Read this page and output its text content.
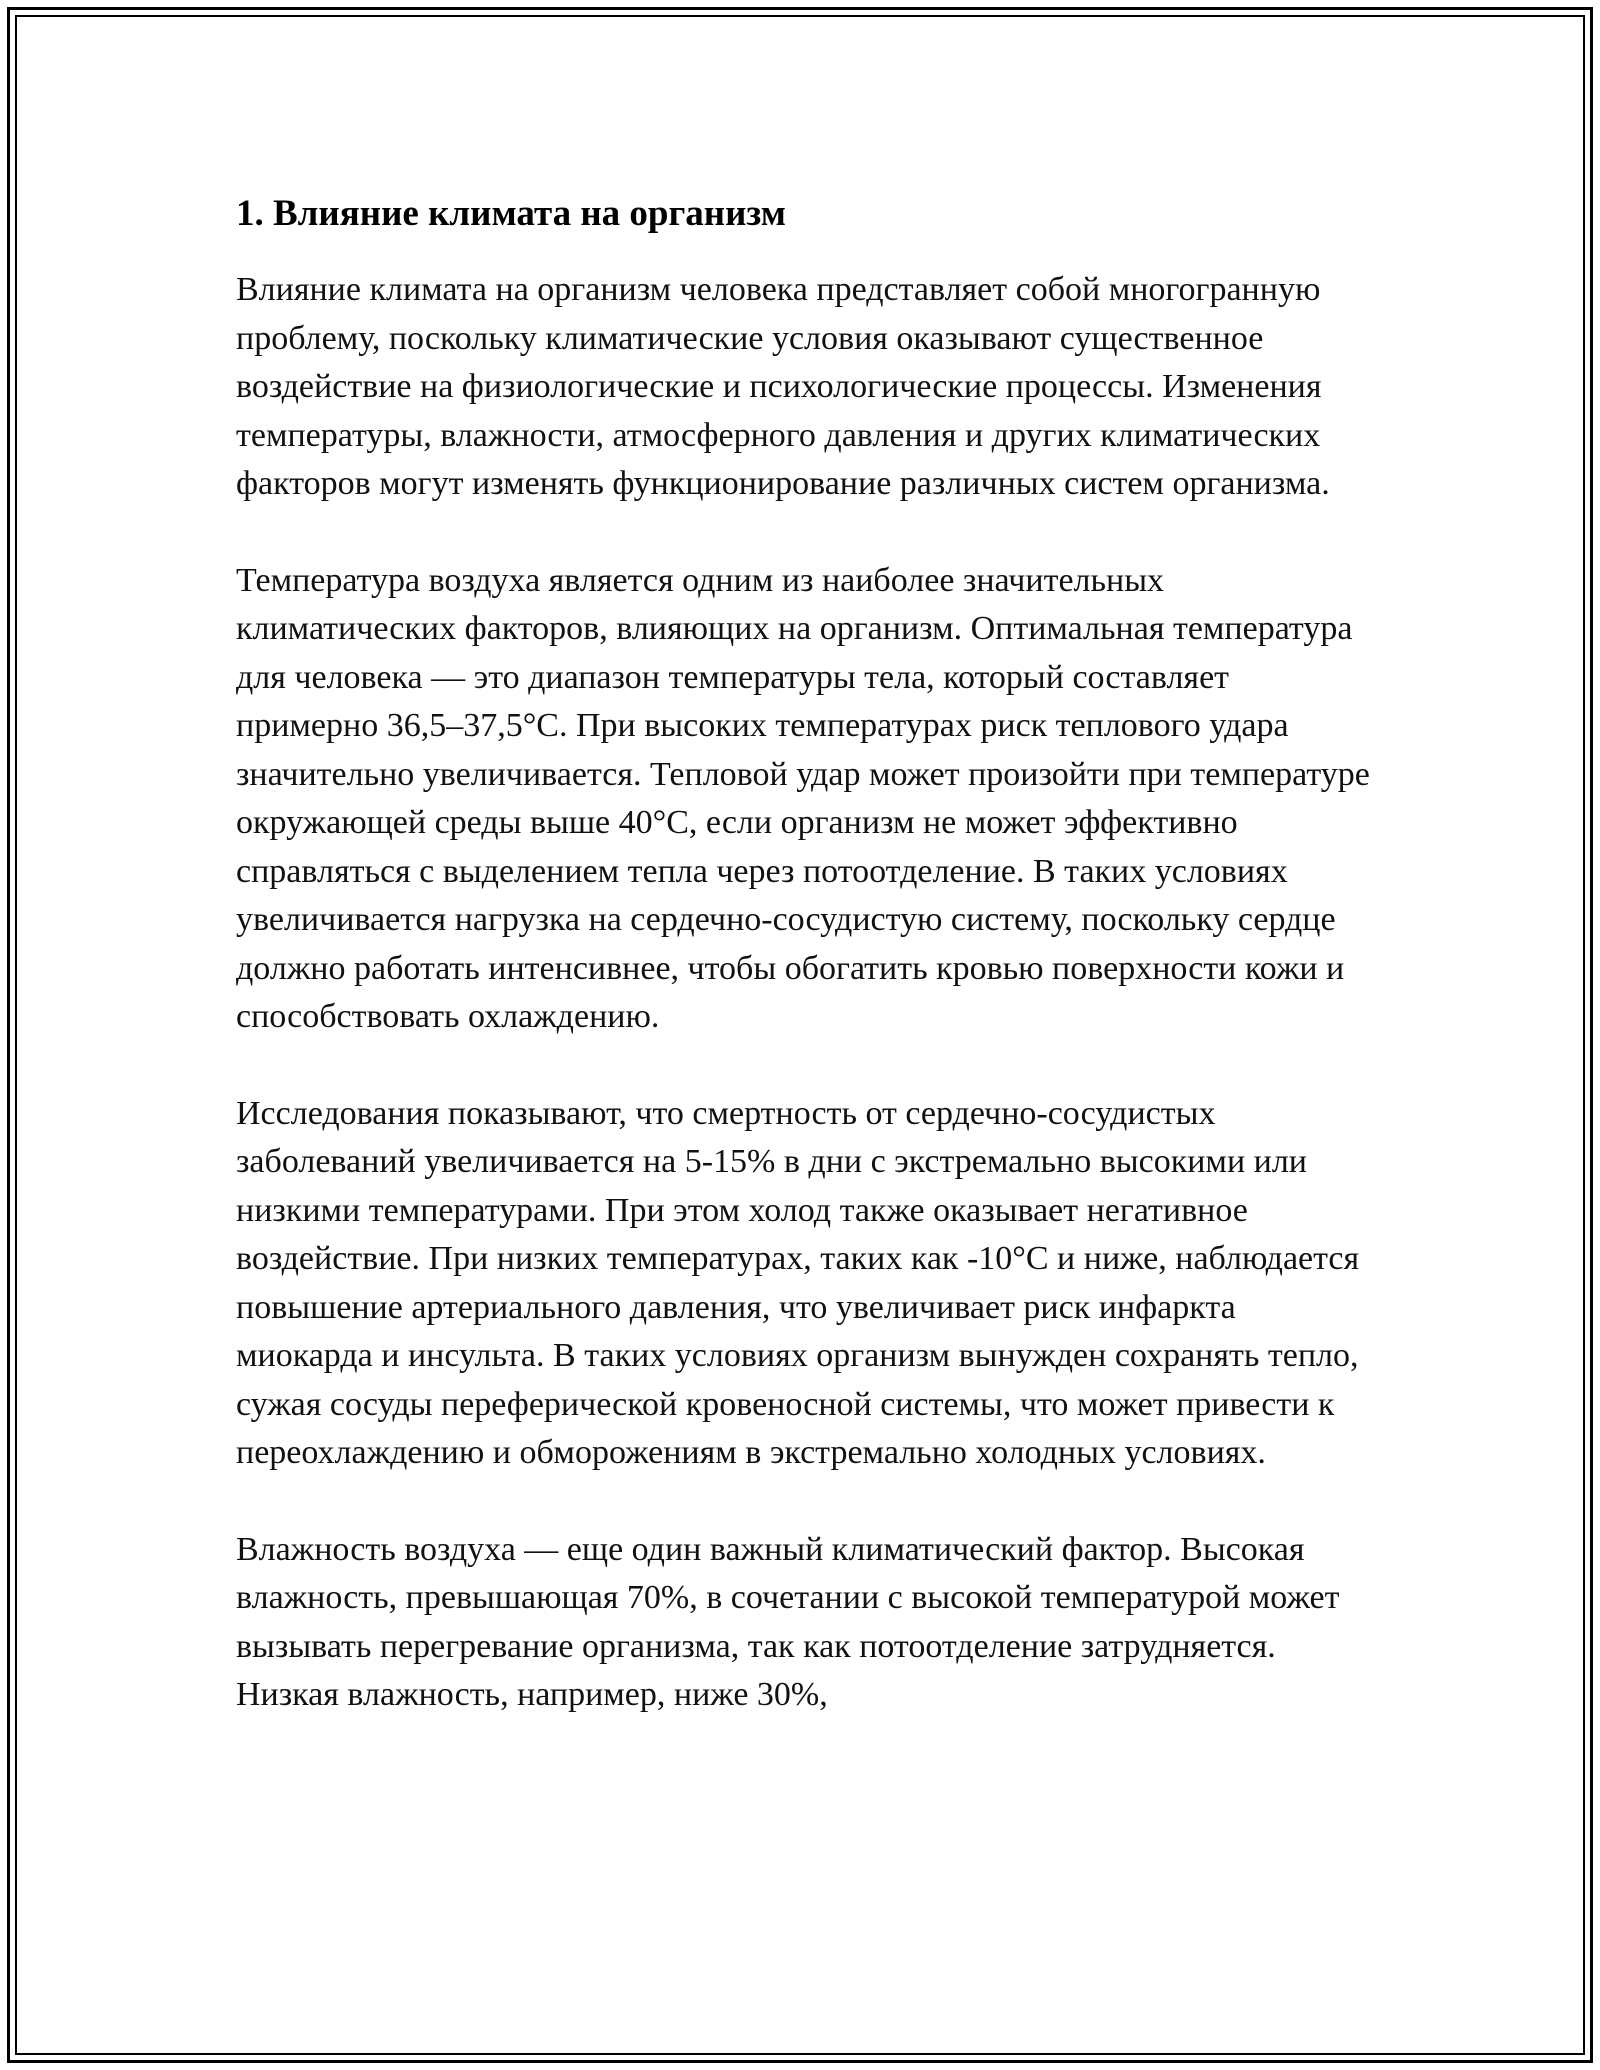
1. Влияние климата на организм

Влияние климата на организм человека представляет собой многогранную проблему, поскольку климатические условия оказывают существенное воздействие на физиологические и психологические процессы. Изменения температуры, влажности, атмосферного давления и других климатических факторов могут изменять функционирование различных систем организма.

Температура воздуха является одним из наиболее значительных климатических факторов, влияющих на организм. Оптимальная температура для человека — это диапазон температуры тела, который составляет примерно 36,5–37,5°C. При высоких температурах риск теплового удара значительно увеличивается. Тепловой удар может произойти при температуре окружающей среды выше 40°C, если организм не может эффективно справляться с выделением тепла через потоотделение. В таких условиях увеличивается нагрузка на сердечно-сосудистую систему, поскольку сердце должно работать интенсивнее, чтобы обогатить кровью поверхности кожи и способствовать охлаждению.

Исследования показывают, что смертность от сердечно-сосудистых заболеваний увеличивается на 5-15% в дни с экстремально высокими или низкими температурами. При этом холод также оказывает негативное воздействие. При низких температурах, таких как -10°C и ниже, наблюдается повышение артериального давления, что увеличивает риск инфаркта миокарда и инсульта. В таких условиях организм вынужден сохранять тепло, сужая сосуды переферической кровеносной системы, что может привести к переохлаждению и обморожениям в экстремально холодных условиях.

Влажность воздуха — еще один важный климатический фактор. Высокая влажность, превышающая 70%, в сочетании с высокой температурой может вызывать перегревание организма, так как потоотделение затрудняется. Низкая влажность, например, ниже 30%,
